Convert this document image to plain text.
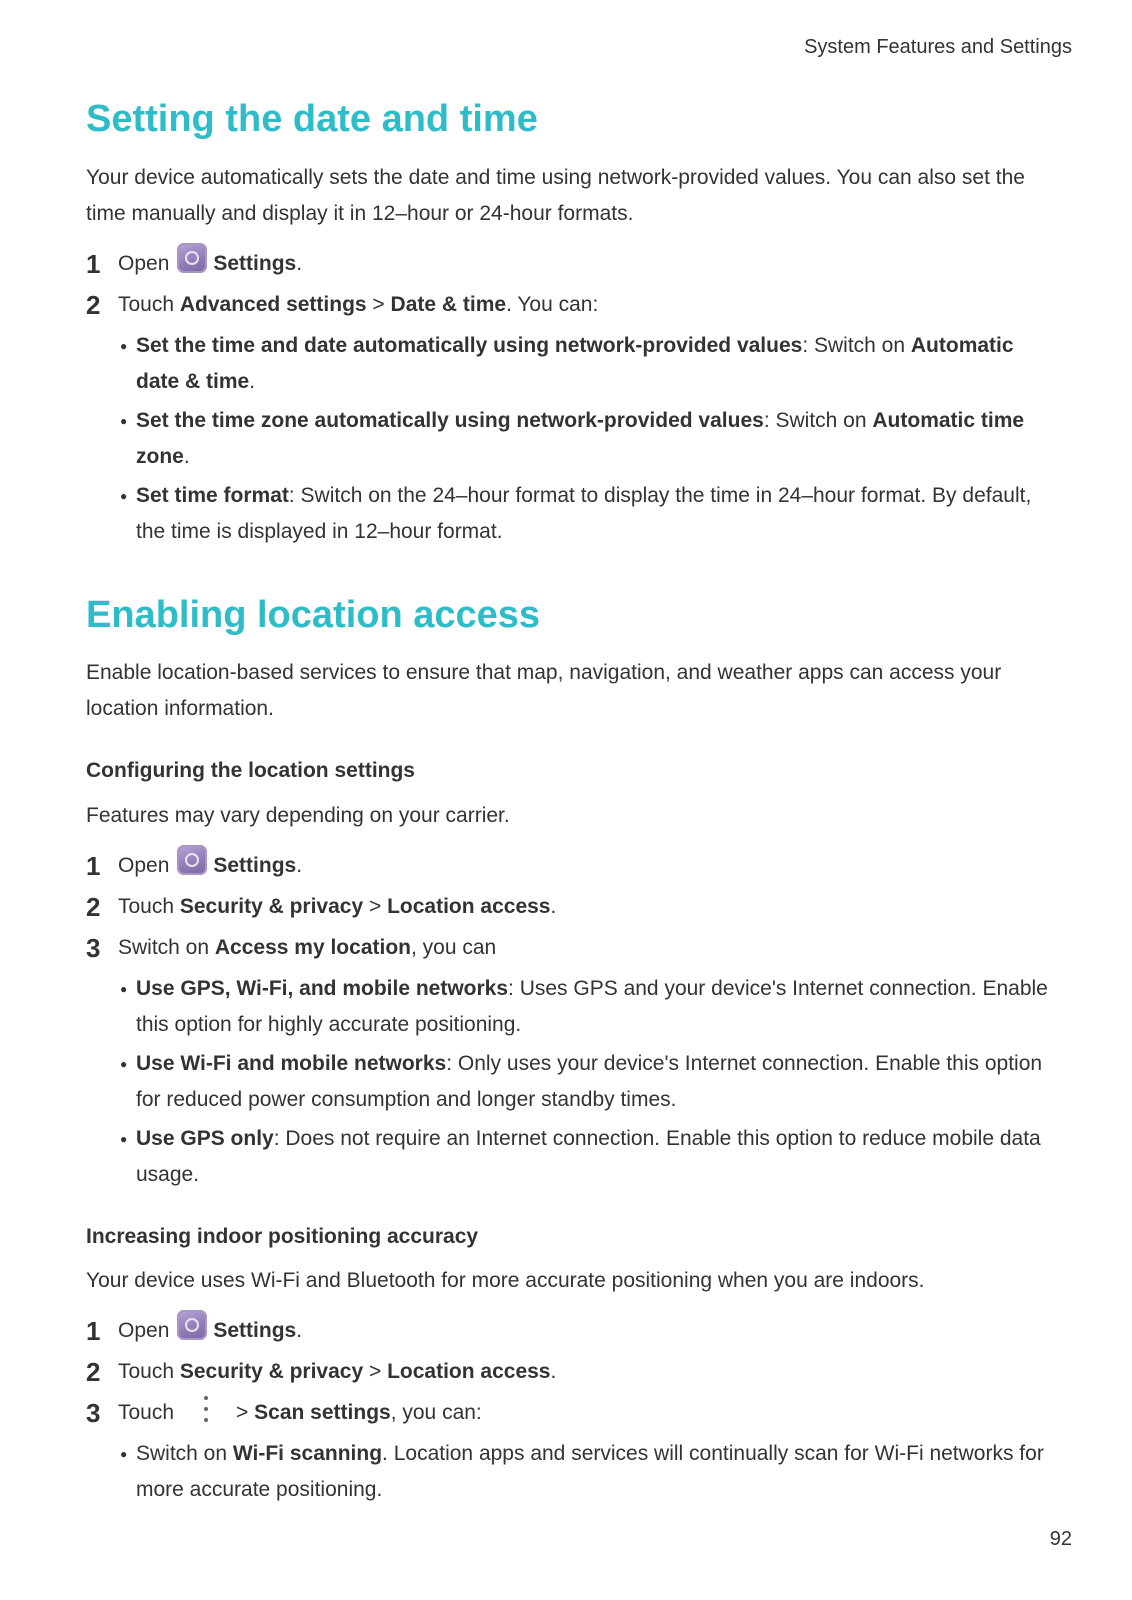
System Features and Settings
Setting the date and time

Your device automatically sets the date and time using network-provided values. You can also set the time manually and display it in 12–hour or 24-hour formats.

1 Open Settings .
2 Touch Advanced settings > Date & time. You can:
● Set the time and date automatically using network-provided values: Switch on Automatic date & time.
● Set the time zone automatically using network-provided values: Switch on Automatic time zone.
● Set time format: Switch on the 24–hour format to display the time in 24–hour format. By default, the time is displayed in 12–hour format.
Enabling location access

Enable location-based services to ensure that map, navigation, and weather apps can access your location information.

Configuring the location settings

Features may vary depending on your carrier.

1 Open Settings .
2 Touch Security & privacy > Location access.
3 Switch on Access my location, you can
● Use GPS, Wi-Fi, and mobile networks: Uses GPS and your device's Internet connection. Enable this option for highly accurate positioning.
● Use Wi-Fi and mobile networks: Only uses your device's Internet connection. Enable this option for reduced power consumption and longer standby times.
● Use GPS only: Does not require an Internet connection. Enable this option to reduce mobile data usage.
Increasing indoor positioning accuracy

Your device uses Wi-Fi and Bluetooth for more accurate positioning when you are indoors.

1 Open Settings .
2 Touch Security & privacy > Location access.
3 Touch	> Scan settings, you can:
● Switch on Wi-Fi scanning. Location apps and services will continually scan for Wi-Fi networks for more accurate positioning.
92
